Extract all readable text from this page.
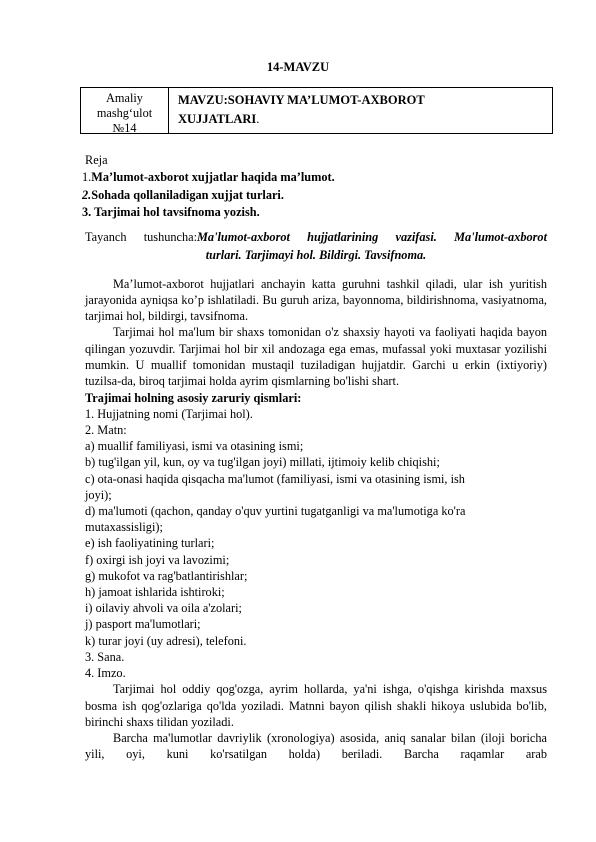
14-MAVZU
Amaliy
mashg‘ulot
№14
MAVZU:SOHAVIY MA’LUMOT-AXBOROT
XUJJATLARI.
Reja
1.Ma’lumot-axborot xujjatlar haqida ma’lumot.
2.Sohada qollaniladigan xujjat turlari.
3. Tarjimai hol tavsifnoma yozish.
Tayanch tushuncha:Ma'lumot-axborot hujjatlarining vazifasi. Ma'lumot-axborot
turlari. Tarjimayi hol. Bildirgi. Tavsifnoma.

Ma’lumot-axborot hujjatlari anchayin katta guruhni tashkil qiladi, ular ish yuritish jarayonida ayniqsa ko’p ishlatiladi. Bu guruh ariza, bayonnoma, bildirishnoma, vasiyatnoma, tarjimai hol, bildirgi, tavsifnoma.

Tarjimai hol ma'lum bir shaxs tomonidan o'z shaxsiy hayoti va faoliyati haqida bayon qilingan yozuvdir. Tarjimai hol bir xil andozaga ega emas, mufassal yoki muxtasar yozilishi mumkin. U muallif tomonidan mustaqil tuziladigan hujjatdir. Garchi u erkin (ixtiyoriy) tuzilsa-da, biroq tarjimai holda ayrim qismlarning bo'lishi shart.

Trajimai holning asosiy zaruriy qismlari:
1. Hujjatning nomi (Tarjimai hol).
2. Matn:
a) muallif familiyasi, ismi va otasining ismi;
b) tug'ilgan yil, kun, oy va tug'ilgan joyi) millati, ijtimoiy kelib chiqishi;
c) ota-onasi haqida qisqacha ma'lumot (familiyasi, ismi va otasining ismi, ish
joyi);
d) ma'lumoti (qachon, qanday o'quv yurtini tugatganligi va ma'lumotiga ko'ra
mutaxassisligi);
e) ish faoliyatining turlari;
f) oxirgi ish joyi va lavozimi;
g) mukofot va rag'batlantirishlar;
h) jamoat ishlarida ishtiroki;
i) oilaviy ahvoli va oila a'zolari;
j) pasport ma'lumotlari;
k) turar joyi (uy adresi), telefoni.
3. Sana.
4. Imzo.

Tarjimai hol oddiy qog'ozga, ayrim hollarda, ya'ni ishga, o'qishga kirishda maxsus bosma ish qog'ozlariga qo'lda yoziladi. Matnni bayon qilish shakli hikoya uslubida bo'lib, birinchi shaxs tilidan yoziladi.

Barcha ma'lumotlar davriylik (xronologiya) asosida, aniq sanalar bilan (iloji boricha yili, oyi, kuni ko'rsatilgan holda) beriladi. Barcha raqamlar arab
